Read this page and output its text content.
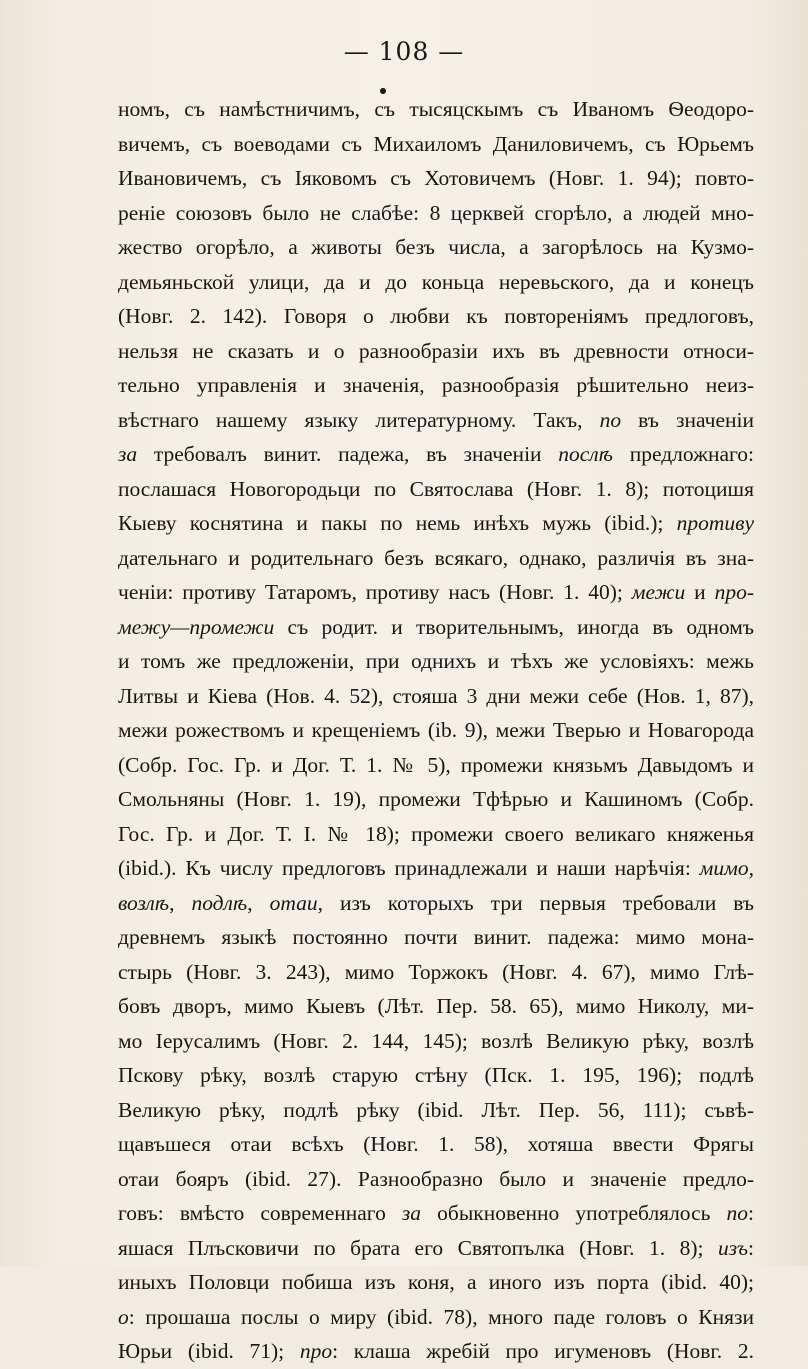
— 108 —
номъ, съ намѣстничимъ, съ тысяцскымъ съ Иваномъ Ѳеодоро-
вичемъ, съ воеводами съ Михаиломъ Даниловичемъ, съ Юрьемъ
Ивановичемъ, съ Іяковомъ съ Хотовичемъ (Новг. 1. 94); повто-
реніе союзовъ было не слабѣе: 8 церквей сгорѣло, а людей мно-
жество огорѣло, а животы безъ числа, а загорѣлось на Кузмо-
демьяньской улици, да и до коньца неревьского, да и конецъ
(Новг. 2. 142). Говоря о любви къ повтореніямъ предлоговъ,
нельзя не сказать и о разнообразіи ихъ въ древности относи-
тельно управленія и значенія, разнообразія рѣшительно неиз-
вѣстнаго нашему языку литературному. Такъ, по въ значеніи
за требовалъ винит. падежа, въ значеніи послѣ предложнаго:
послашася Новогородьци по Святослава (Новг. 1. 8); потоцишя
Кыеву коснятина и пакы по немь инѣхъ мужь (ibid.); противу
дательнаго и родительнаго безъ всякаго, однако, различія въ зна-
ченіи: противу Татаромъ, противу насъ (Новг. 1. 40); межи и про-
межу—промежи съ родит. и творительнымъ, иногда въ одномъ
и томъ же предложеніи, при однихъ и тѣхъ же условіяхъ: межь
Литвы и Кіева (Нов. 4. 52), стояша 3 дни межи себе (Нов. 1, 87),
межи рожествомъ и крещеніемъ (ib. 9), межи Тверью и Новагорода
(Собр. Гос. Гр. и Дог. Т. 1. № 5), промежи князьмъ Давыдомъ и
Смольняны (Новг. 1. 19), промежи Тфѣрью и Кашиномъ (Собр.
Гос. Гр. и Дог. Т. I. № 18); промежи своего великаго княженья
(ibid.). Къ числу предлоговъ принадлежали и наши нарѣчія: мимо,
возлѣ, подлѣ, отаи, изъ которыхъ три первыя требовали въ
древнемъ языкѣ постоянно почти винит. падежа: мимо мона-
стырь (Новг. 3. 243), мимо Торжокъ (Новг. 4. 67), мимо Глѣ-
бовъ дворъ, мимо Кыевъ (Лѣт. Пер. 58. 65), мимо Николу, ми-
мо Іерусалимъ (Новг. 2. 144, 145); возлѣ Великую рѣку, возлѣ
Пскову рѣку, возлѣ старую стѣну (Пск. 1. 195, 196); подлѣ
Великую рѣку, подлѣ рѣку (ibid. Лѣт. Пер. 56, 111); съвѣ-
щавъшеся отаи всѣхъ (Новг. 1. 58), хотяша ввести Фрягы
отаи бояръ (ibid. 27). Разнообразно было и значеніе предло-
говъ: вмѣсто современнаго за обыкновенно употреблялось по:
яшася Плъсковичи по брата его Святопълка (Новг. 1. 8); изъ:
иныхъ Половци побиша изъ коня, а иного изъ порта (ibid. 40);
о: прошаша послы о миру (ibid. 78), много паде головъ о Князи
Юрьи (ibid. 71); про: клаша жребій про игуменовъ (Новг. 2.
